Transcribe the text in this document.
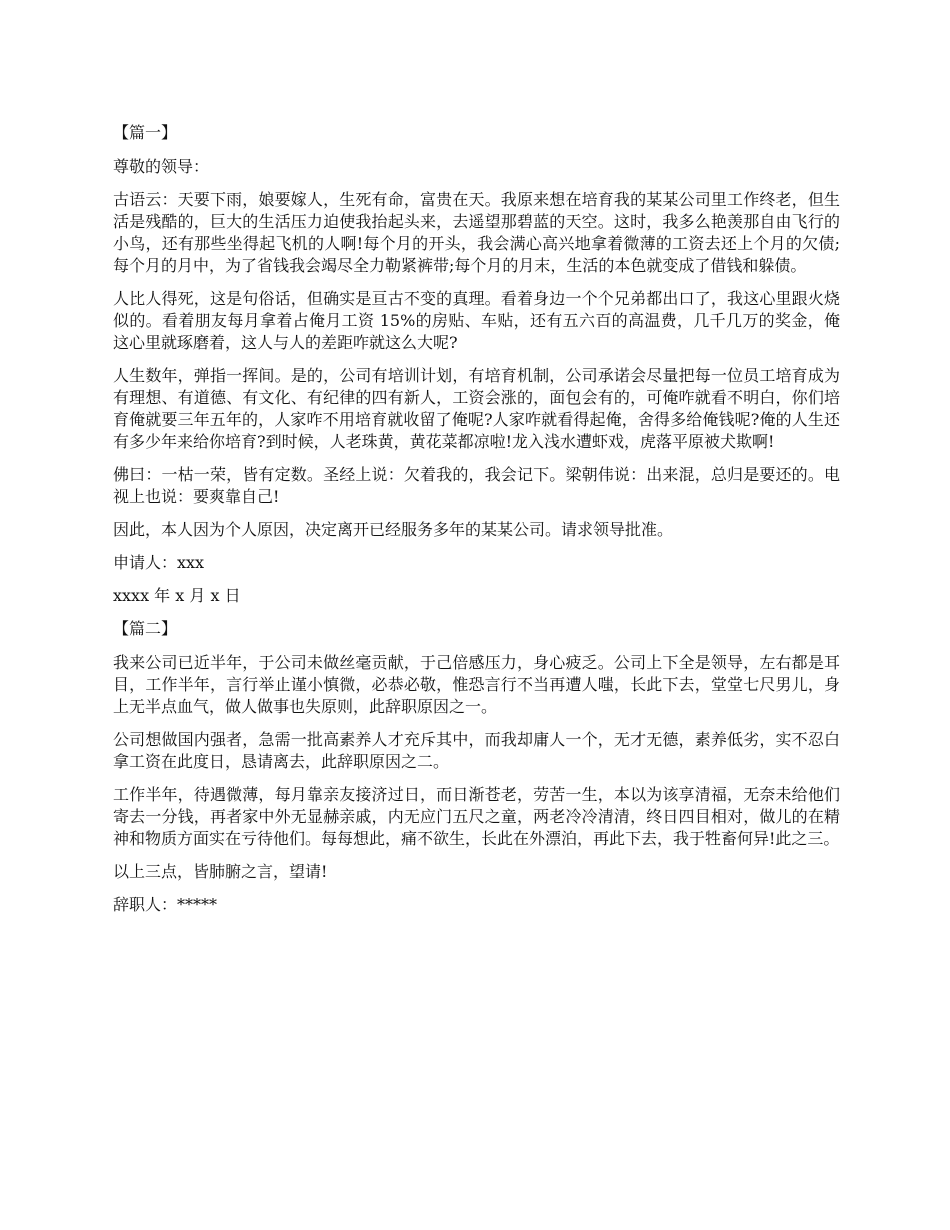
【篇一】
尊敬的领导：

古语云：天要下雨，娘要嫁人，生死有命，富贵在天。我原来想在培育我的某某公司里工作终老，但生活是残酷的，巨大的生活压力迫使我抬起头来，去遥望那碧蓝的天空。这时，我多么艳羡那自由飞行的小鸟，还有那些坐得起飞机的人啊!每个月的开头，我会满心高兴地拿着微薄的工资去还上个月的欠债;每个月的月中，为了省钱我会竭尽全力勒紧裤带;每个月的月末，生活的本色就变成了借钱和躲债。

人比人得死，这是句俗话，但确实是亘古不变的真理。看着身边一个个兄弟都出口了，我这心里跟火烧似的。看着朋友每月拿着占俺月工资 15%的房贴、车贴，还有五六百的高温费，几千几万的奖金，俺这心里就琢磨着，这人与人的差距咋就这么大呢?

人生数年，弹指一挥间。是的，公司有培训计划，有培育机制，公司承诺会尽量把每一位员工培育成为有理想、有道德、有文化、有纪律的四有新人，工资会涨的，面包会有的，可俺咋就看不明白，你们培育俺就要三年五年的，人家咋不用培育就收留了俺呢?人家咋就看得起俺，舍得多给俺钱呢?俺的人生还有多少年来给你培育?到时候，人老珠黄，黄花菜都凉啦!龙入浅水遭虾戏，虎落平原被犬欺啊!

佛曰：一枯一荣，皆有定数。圣经上说：欠着我的，我会记下。梁朝伟说：出来混，总归是要还的。电视上也说：要爽靠自己!

因此，本人因为个人原因，决定离开已经服务多年的某某公司。请求领导批准。

申请人：xxx
xxxx 年 x 月 x 日
【篇二】

我来公司已近半年，于公司未做丝毫贡献，于己倍感压力，身心疲乏。公司上下全是领导，左右都是耳目，工作半年，言行举止谨小慎微，必恭必敬，惟恐言行不当再遭人嗤，长此下去，堂堂七尺男儿，身上无半点血气，做人做事也失原则，此辞职原因之一。

公司想做国内强者，急需一批高素养人才充斥其中，而我却庸人一个，无才无德，素养低劣，实不忍白拿工资在此度日，恳请离去，此辞职原因之二。

工作半年，待遇微薄，每月靠亲友接济过日，而日渐苍老，劳苦一生，本以为该享清福，无奈未给他们寄去一分钱，再者家中外无显赫亲戚，内无应门五尺之童，两老冷冷清清，终日四目相对，做儿的在精神和物质方面实在亏待他们。每每想此，痛不欲生，长此在外漂泊，再此下去，我于牲畜何异!此之三。

以上三点，皆肺腑之言，望请!

辞职人：*****
